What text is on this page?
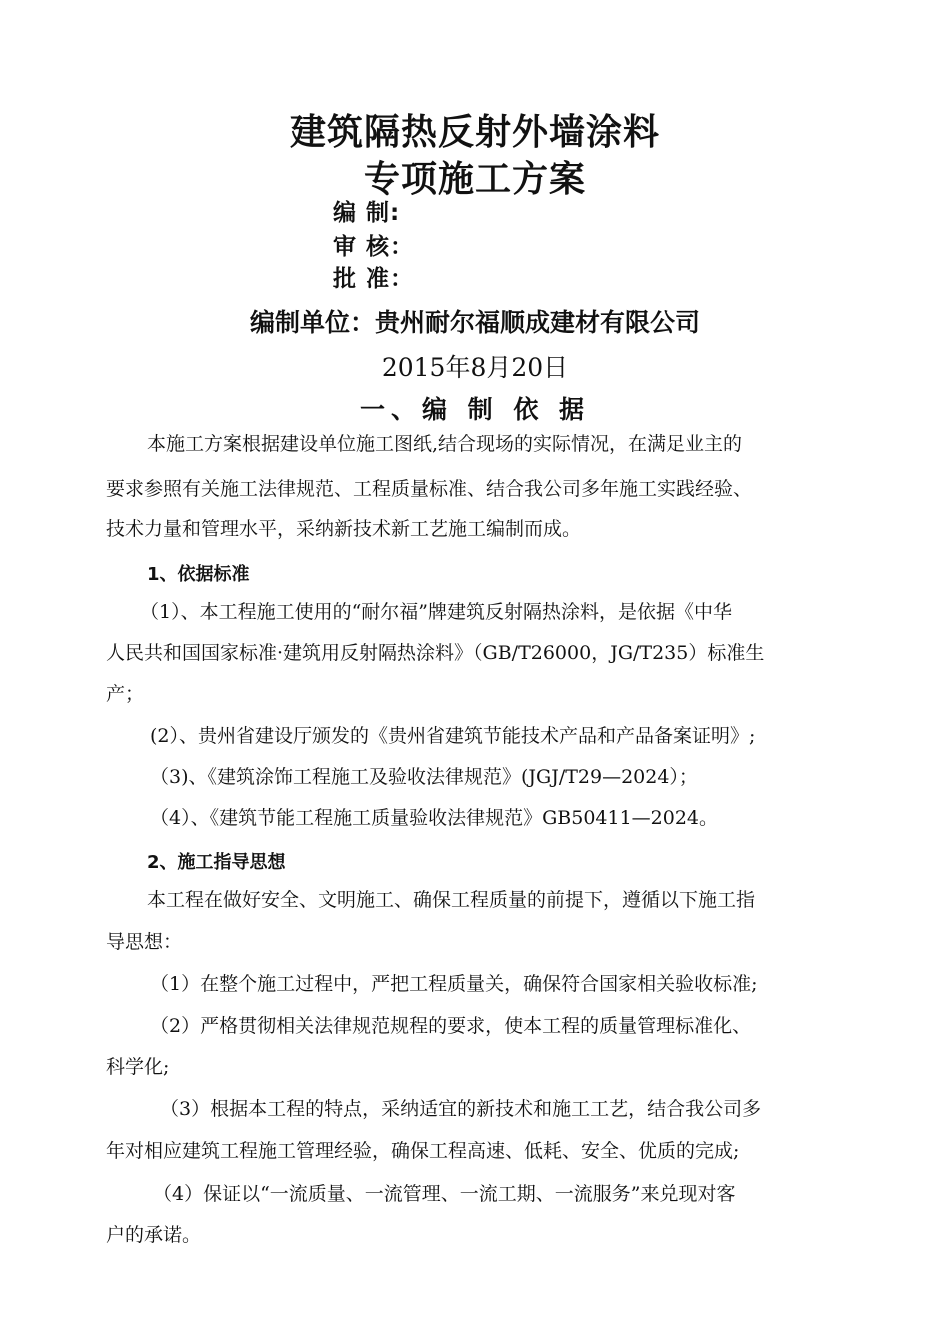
建筑隔热反射外墙涂料
专项施工方案
编 制:
审 核：
批 准：
编制单位：贵州耐尔福顺成建材有限公司
2015年8月20日
一、编 制 依 据

本施工方案根据建设单位施工图纸,结合现场的实际情况，在满足业主的

要求参照有关施工法律规范、工程质量标准、结合我公司多年施工实践经验、

技术力量和管理水平，采纳新技术新工艺施工编制而成。

1、依据标准

（1）、本工程施工使用的“耐尔福”牌建筑反射隔热涂料，是依据《中华

人民共和国国家标准·建筑用反射隔热涂料》（GB/T26000，JG/T235）标准生

产；

(2）、贵州省建设厅颁发的《贵州省建筑节能技术产品和产品备案证明》;

（3)、《建筑涂饰工程施工及验收法律规范》(JGJ/T29—2024）；

（4）、《建筑节能工程施工质量验收法律规范》GB50411—2024。

2、施工指导思想

本工程在做好安全、文明施工、确保工程质量的前提下，遵循以下施工指

导思想：

（1）在整个施工过程中，严把工程质量关，确保符合国家相关验收标准;

（2）严格贯彻相关法律规范规程的要求，使本工程的质量管理标准化、

科学化;

（3）根据本工程的特点，采纳适宜的新技术和施工工艺，结合我公司多

年对相应建筑工程施工管理经验，确保工程高速、低耗、安全、优质的完成;

（4）保证以“一流质量、一流管理、一流工期、一流服务”来兑现对客

户的承诺。
